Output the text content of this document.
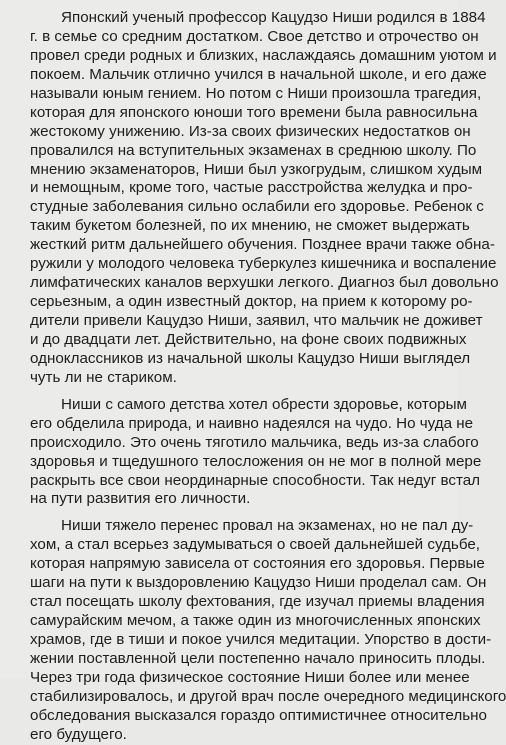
Японский ученый профессор Кацудзо Ниши родился в 1884
г. в семье со средним достатком. Свое детство и отрочество он
провел среди родных и близких, наслаждаясь домашним уютом и
покоем. Мальчик отлично учился в начальной школе, и его даже
называли юным гением. Но потом с Ниши произошла трагедия,
которая для японского юноши того времени была равносильна
жестокому унижению. Из-за своих физических недостатков он
провалился на вступительных экзаменах в среднюю школу. По
мнению экзаменаторов, Ниши был узкогрудым, слишком худым
и немощным, кроме того, частые расстройства желудка и про-
студные заболевания сильно ослабили его здоровье. Ребенок с
таким букетом болезней, по их мнению, не сможет выдержать
жесткий ритм дальнейшего обучения. Позднее врачи также обна-
ружили у молодого человека туберкулез кишечника и воспаление
лимфатических каналов верхушки легкого. Диагноз был довольно
серьезным, а один известный доктор, на прием к которому ро-
дители привели Кацудзо Ниши, заявил, что мальчик не доживет
и до двадцати лет. Действительно, на фоне своих подвижных
одноклассников из начальной школы Кацудзо Ниши выглядел
чуть ли не стариком.
Ниши с самого детства хотел обрести здоровье, которым
его обделила природа, и наивно надеялся на чудо. Но чуда не
происходило. Это очень тяготило мальчика, ведь из-за слабого
здоровья и тщедушного телосложения он не мог в полной мере
раскрыть все свои неординарные способности. Так недуг встал
на пути развития его личности.
Ниши тяжело перенес провал на экзаменах, но не пал ду-
хом, а стал всерьез задумываться о своей дальнейшей судьбе,
которая напрямую зависела от состояния его здоровья. Первые
шаги на пути к выздоровлению Кацудзо Ниши проделал сам. Он
стал посещать школу фехтования, где изучал приемы владения
самурайским мечом, а также один из многочисленных японских
храмов, где в тиши и покое учился медитации. Упорство в дости-
жении поставленной цели постепенно начало приносить плоды.
Через три года физическое состояние Ниши более или менее
стабилизировалось, и другой врач после очередного медицинского
обследования высказался гораздо оптимистичнее относительно
его будущего.
